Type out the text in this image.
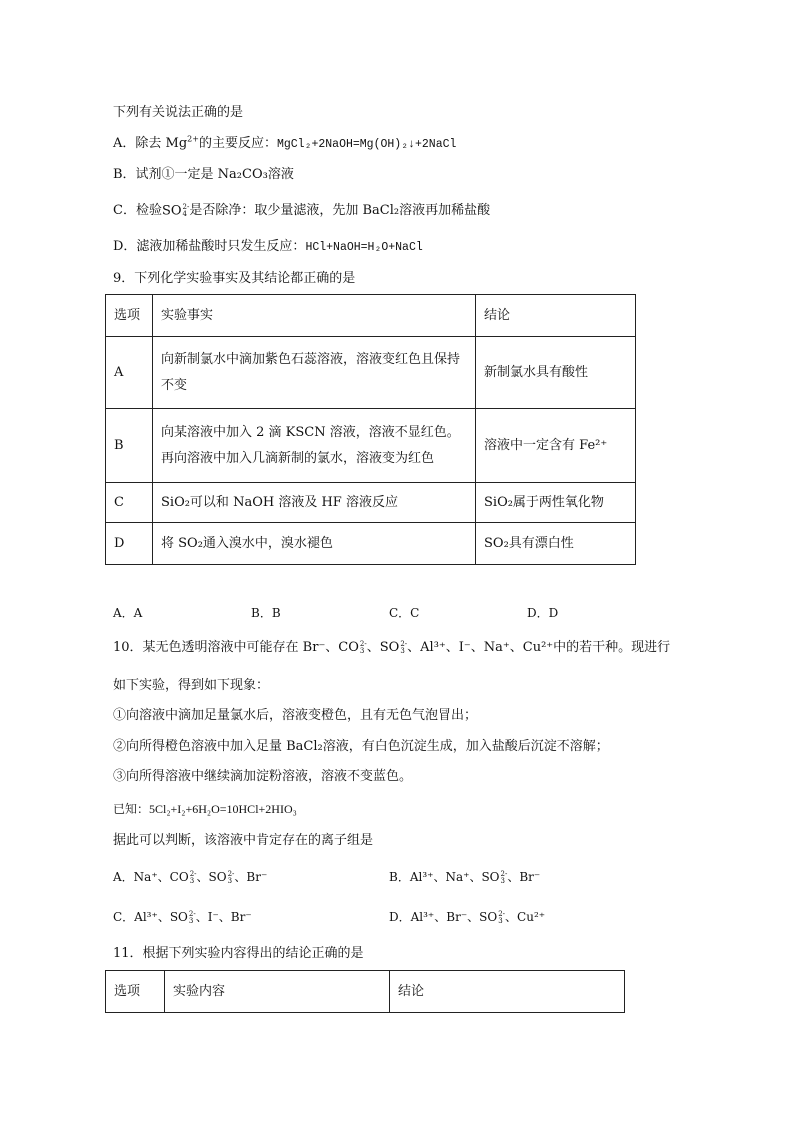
下列有关说法正确的是
A．除去 $Mg^{2+}$的主要反应：MgCl₂+2NaOH=Mg(OH)₂↓+2NaCl
B．试剂①一定是 Na₂CO₃溶液
C．检验SO 2-
4 是否除净：取少量滤液，先加 BaCl₂溶液再加稀盐酸
D．滤液加稀盐酸时只发生反应：HCl+NaOH=H₂O+NaCl
9．下列化学实验事实及其结论都正确的是
选项	实验事实	结论
A	向新制氯水中滴加紫色石蕊溶液，溶液变红色且保持不变	新制氯水具有酸性
B	向某溶液中加入 2 滴 KSCN 溶液，溶液不显红色。再向溶液中加入几滴新制的氯水，溶液变为红色	溶液中一定含有 Fe²⁺
C	SiO₂可以和 NaOH 溶液及 HF 溶液反应	SiO₂属于两性氧化物
D	将 SO₂通入溴水中，溴水褪色	SO₂具有漂白性
A．A	B．B	C．C	D．D
10．某无色透明溶液中可能存在 Br⁻、CO 2-
3 、SO 2-
3 、Al³⁺、I⁻、Na⁺、Cu²⁺中的若干种。现进行
如下实验，得到如下现象：
①向溶液中滴加足量氯水后，溶液变橙色，且有无色气泡冒出；
②向所得橙色溶液中加入足量 BaCl₂溶液，有白色沉淀生成，加入盐酸后沉淀不溶解；
③向所得溶液中继续滴加淀粉溶液，溶液不变蓝色。
已知：5Cl₂+I₂+6H₂O=10HCl+2HIO₃
据此可以判断，该溶液中肯定存在的离子组是
A．Na⁺、CO 2-
3 、SO 2-
3 、Br⁻	B．Al³⁺、Na⁺、SO 2-
3 、Br⁻
C．Al³⁺、SO 2-
3 、I⁻、Br⁻	D．Al³⁺、Br⁻、SO 2-
3 、Cu²⁺
11．根据下列实验内容得出的结论正确的是
选项	实验内容	结论
